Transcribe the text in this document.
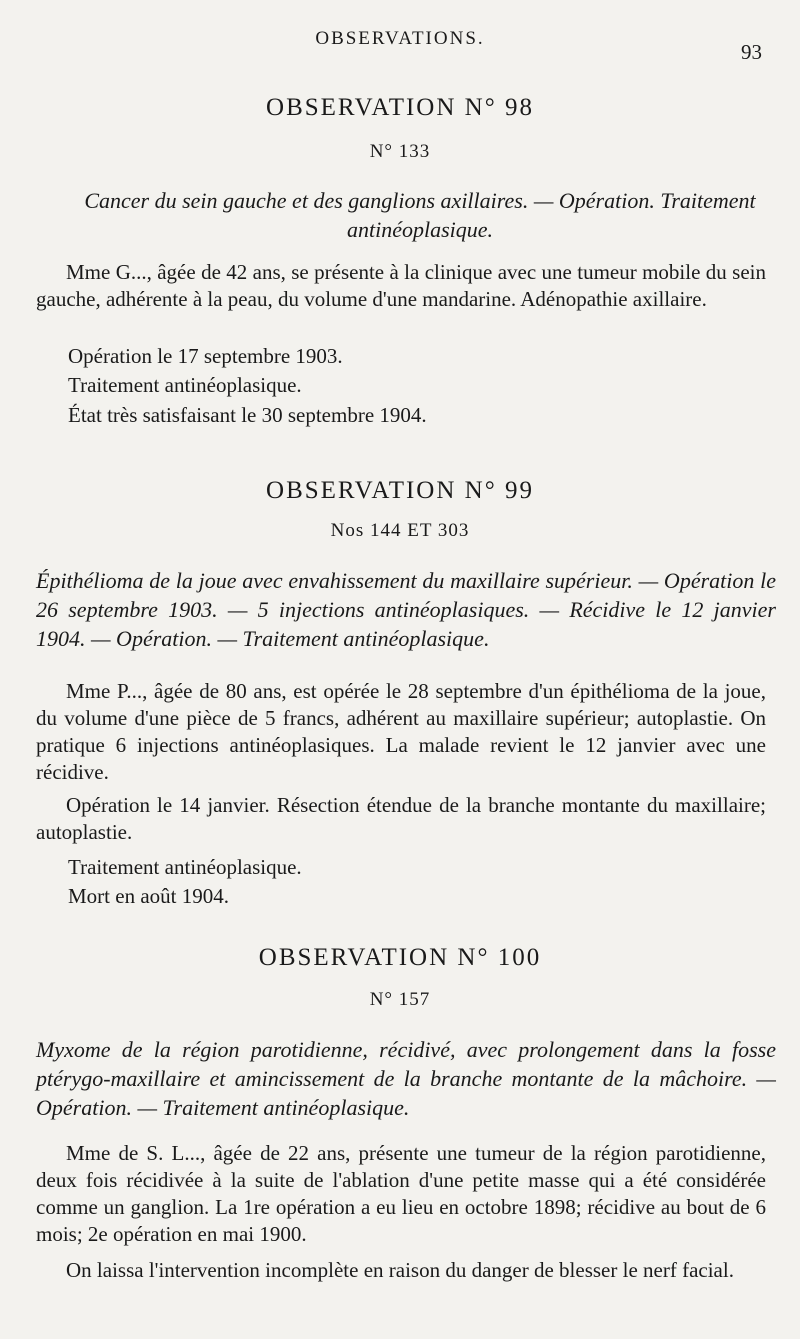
OBSERVATIONS.
93
OBSERVATION N° 98
N° 133
Cancer du sein gauche et des ganglions axillaires. — Opération. Traitement antinéoplasique.
Mme G..., âgée de 42 ans, se présente à la clinique avec une tumeur mobile du sein gauche, adhérente à la peau, du volume d'une mandarine. Adénopathie axillaire.
Opération le 17 septembre 1903.
Traitement antinéoplasique.
État très satisfaisant le 30 septembre 1904.
OBSERVATION N° 99
Nos 144 ET 303
Épithélioma de la joue avec envahissement du maxillaire supérieur. — Opération le 26 septembre 1903. — 5 injections antinéoplasiques. — Récidive le 12 janvier 1904. — Opération. — Traitement antinéoplasique.
Mme P..., âgée de 80 ans, est opérée le 28 septembre d'un épithélioma de la joue, du volume d'une pièce de 5 francs, adhérent au maxillaire supérieur; autoplastie. On pratique 6 injections antinéoplasiques. La malade revient le 12 janvier avec une récidive.
Opération le 14 janvier. Résection étendue de la branche montante du maxillaire; autoplastie.
Traitement antinéoplasique.
Mort en août 1904.
OBSERVATION N° 100
N° 157
Myxome de la région parotidienne, récidivé, avec prolongement dans la fosse ptérygo-maxillaire et amincissement de la branche montante de la mâchoire. — Opération. — Traitement antinéoplasique.
Mme de S. L..., âgée de 22 ans, présente une tumeur de la région parotidienne, deux fois récidivée à la suite de l'ablation d'une petite masse qui a été considérée comme un ganglion. La 1re opération a eu lieu en octobre 1898; récidive au bout de 6 mois; 2e opération en mai 1900.
On laissa l'intervention incomplète en raison du danger de blesser le nerf facial.
